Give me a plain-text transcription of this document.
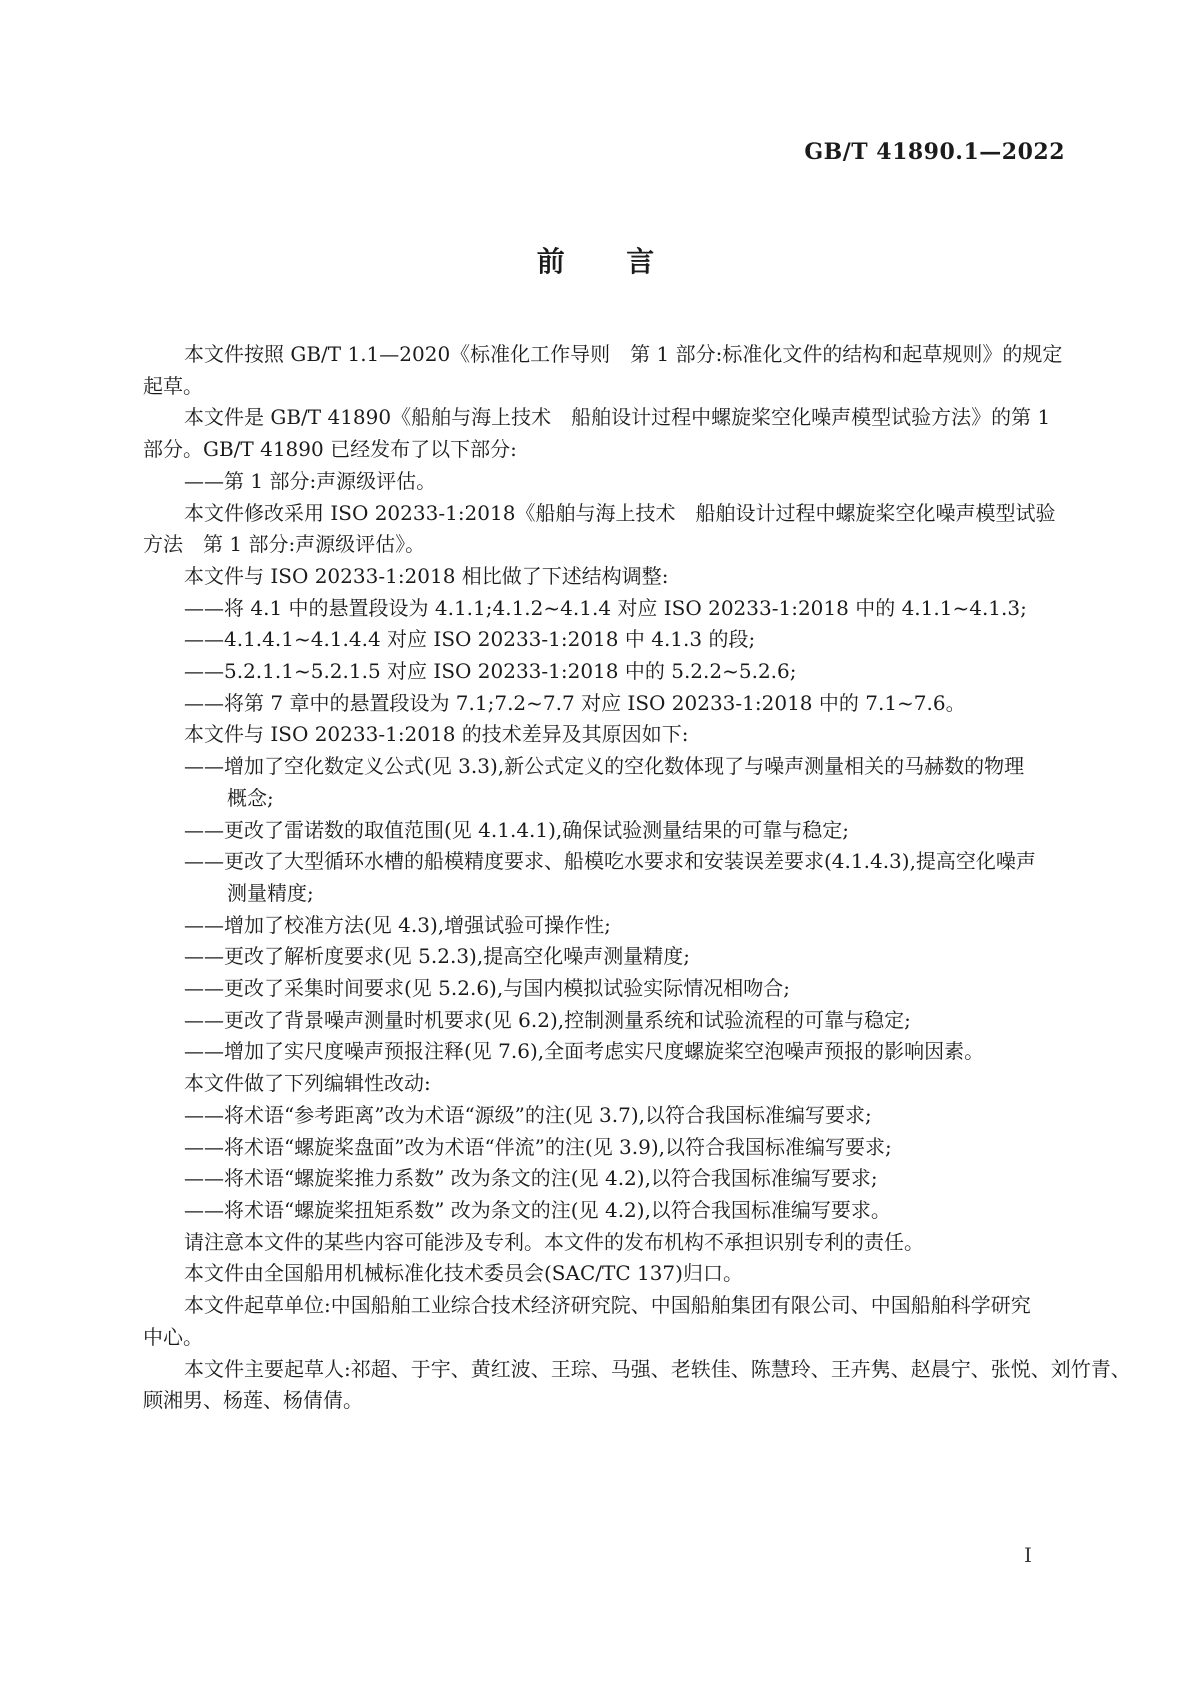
GB/T 41890.1—2022
前　言
本文件按照 GB/T 1.1—2020《标准化工作导则　第 1 部分:标准化文件的结构和起草规则》的规定
起草。
本文件是 GB/T 41890《船舶与海上技术　船舶设计过程中螺旋桨空化噪声模型试验方法》的第 1
部分。GB/T 41890 已经发布了以下部分:
——第 1 部分:声源级评估。
本文件修改采用 ISO 20233-1:2018《船舶与海上技术　船舶设计过程中螺旋桨空化噪声模型试验
方法　第 1 部分:声源级评估》。
本文件与 ISO 20233-1:2018 相比做了下述结构调整:
——将 4.1 中的悬置段设为 4.1.1;4.1.2~4.1.4 对应 ISO 20233-1:2018 中的 4.1.1~4.1.3;
——4.1.4.1~4.1.4.4 对应 ISO 20233-1:2018 中 4.1.3 的段;
——5.2.1.1~5.2.1.5 对应 ISO 20233-1:2018 中的 5.2.2~5.2.6;
——将第 7 章中的悬置段设为 7.1;7.2~7.7 对应 ISO 20233-1:2018 中的 7.1~7.6。
本文件与 ISO 20233-1:2018 的技术差异及其原因如下:
——增加了空化数定义公式(见 3.3),新公式定义的空化数体现了与噪声测量相关的马赫数的物理
概念;
——更改了雷诺数的取值范围(见 4.1.4.1),确保试验测量结果的可靠与稳定;
——更改了大型循环水槽的船模精度要求、船模吃水要求和安装误差要求(4.1.4.3),提高空化噪声
测量精度;
——增加了校准方法(见 4.3),增强试验可操作性;
——更改了解析度要求(见 5.2.3),提高空化噪声测量精度;
——更改了采集时间要求(见 5.2.6),与国内模拟试验实际情况相吻合;
——更改了背景噪声测量时机要求(见 6.2),控制测量系统和试验流程的可靠与稳定;
——增加了实尺度噪声预报注释(见 7.6),全面考虑实尺度螺旋桨空泡噪声预报的影响因素。
本文件做了下列编辑性改动:
——将术语“参考距离”改为术语“源级”的注(见 3.7),以符合我国标准编写要求;
——将术语“螺旋桨盘面”改为术语“伴流”的注(见 3.9),以符合我国标准编写要求;
——将术语“螺旋桨推力系数” 改为条文的注(见 4.2),以符合我国标准编写要求;
——将术语“螺旋桨扭矩系数” 改为条文的注(见 4.2),以符合我国标准编写要求。
请注意本文件的某些内容可能涉及专利。本文件的发布机构不承担识别专利的责任。
本文件由全国船用机械标准化技术委员会(SAC/TC 137)归口。
本文件起草单位:中国船舶工业综合技术经济研究院、中国船舶集团有限公司、中国船舶科学研究
中心。
本文件主要起草人:祁超、于宇、黄红波、王琮、马强、老轶佳、陈慧玲、王卉隽、赵晨宁、张悦、刘竹青、
顾湘男、杨莲、杨倩倩。
I
